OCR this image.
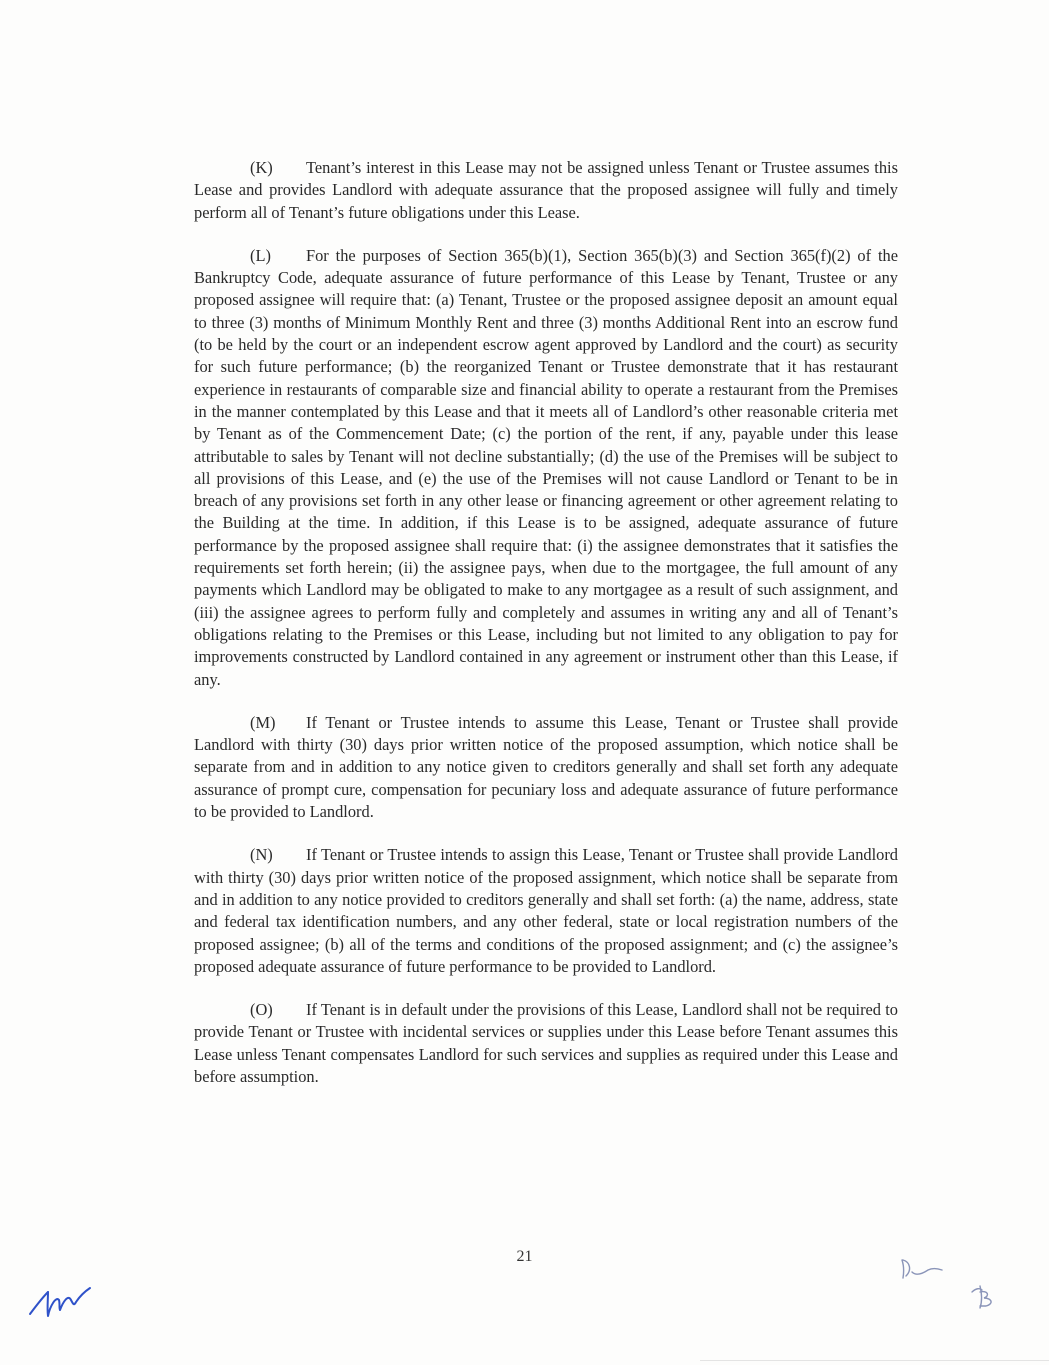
(K) Tenant’s interest in this Lease may not be assigned unless Tenant or Trustee assumes this Lease and provides Landlord with adequate assurance that the proposed assignee will fully and timely perform all of Tenant’s future obligations under this Lease.

(L) For the purposes of Section 365(b)(1), Section 365(b)(3) and Section 365(f)(2) of the Bankruptcy Code, adequate assurance of future performance of this Lease by Tenant, Trustee or any proposed assignee will require that: (a) Tenant, Trustee or the proposed assignee deposit an amount equal to three (3) months of Minimum Monthly Rent and three (3) months Additional Rent into an escrow fund (to be held by the court or an independent escrow agent approved by Landlord and the court) as security for such future performance; (b) the reorganized Tenant or Trustee demonstrate that it has restaurant experience in restaurants of comparable size and financial ability to operate a restaurant from the Premises in the manner contemplated by this Lease and that it meets all of Landlord’s other reasonable criteria met by Tenant as of the Commencement Date; (c) the portion of the rent, if any, payable under this lease attributable to sales by Tenant will not decline substantially; (d) the use of the Premises will be subject to all provisions of this Lease, and (e) the use of the Premises will not cause Landlord or Tenant to be in breach of any provisions set forth in any other lease or financing agreement or other agreement relating to the Building at the time. In addition, if this Lease is to be assigned, adequate assurance of future performance by the proposed assignee shall require that: (i) the assignee demonstrates that it satisfies the requirements set forth herein; (ii) the assignee pays, when due to the mortgagee, the full amount of any payments which Landlord may be obligated to make to any mortgagee as a result of such assignment, and (iii) the assignee agrees to perform fully and completely and assumes in writing any and all of Tenant’s obligations relating to the Premises or this Lease, including but not limited to any obligation to pay for improvements constructed by Landlord contained in any agreement or instrument other than this Lease, if any.

(M) If Tenant or Trustee intends to assume this Lease, Tenant or Trustee shall provide Landlord with thirty (30) days prior written notice of the proposed assumption, which notice shall be separate from and in addition to any notice given to creditors generally and shall set forth any adequate assurance of prompt cure, compensation for pecuniary loss and adequate assurance of future performance to be provided to Landlord.

(N) If Tenant or Trustee intends to assign this Lease, Tenant or Trustee shall provide Landlord with thirty (30) days prior written notice of the proposed assignment, which notice shall be separate from and in addition to any notice provided to creditors generally and shall set forth: (a) the name, address, state and federal tax identification numbers, and any other federal, state or local registration numbers of the proposed assignee; (b) all of the terms and conditions of the proposed assignment; and (c) the assignee’s proposed adequate assurance of future performance to be provided to Landlord.

(O) If Tenant is in default under the provisions of this Lease, Landlord shall not be required to provide Tenant or Trustee with incidental services or supplies under this Lease before Tenant assumes this Lease unless Tenant compensates Landlord for such services and supplies as required under this Lease and before assumption.

21
